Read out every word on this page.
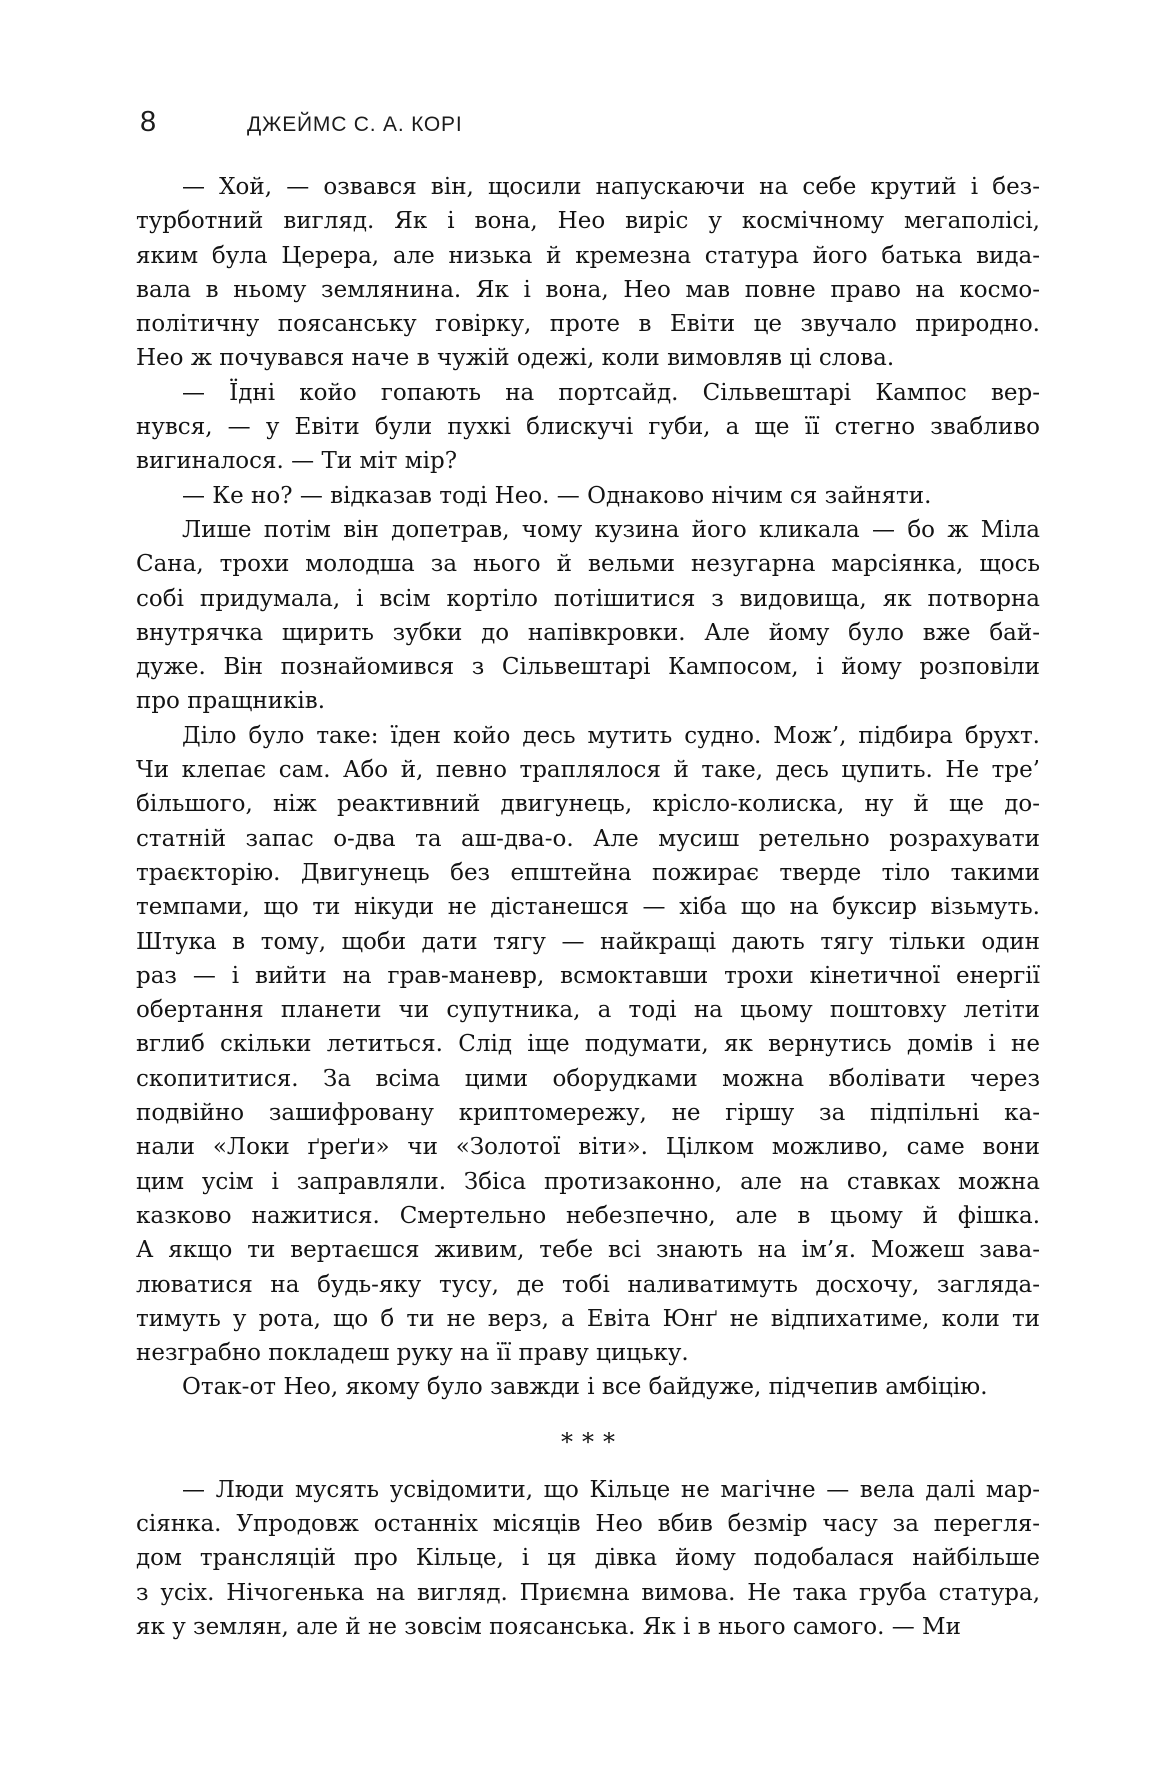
8	ДЖЕЙМС С. А. КОРІ
— Хой, — озвався він, щосили напускаючи на себе крутий і без-
турботний вигляд. Як і вона, Нео виріс у космічному мегаполісі,
яким була Церера, але низька й кремезна статура його батька вида-
вала в ньому землянина. Як і вона, Нео мав повне право на космо-
політичну поясанську говірку, проте в Евіти це звучало природно.
Нео ж почувався наче в чужій одежі, коли вимовляв ці слова.
— Їдні койо гопають на портсайд. Сільвештарі Кампос вер-
нувся, — у Евіти були пухкі блискучі губи, а ще її стегно звабливо
вигиналося. — Ти міт мір?
— Ке но? — відказав тоді Нео. — Однаково нічим ся зайняти.
Лише потім він допетрав, чому кузина його кликала — бо ж Міла
Сана, трохи молодша за нього й вельми незугарна марсіянка, щось
собі придумала, і всім кортіло потішитися з видовища, як потворна
внутрячка щирить зубки до напівкровки. Але йому було вже бай-
дуже. Він познайомився з Сільвештарі Кампосом, і йому розповіли
про пращників.
Діло було таке: їден койо десь мутить судно. Мож’, підбира брухт.
Чи клепає сам. Або й, певно траплялося й таке, десь цупить. Не тре’
більшого, ніж реактивний двигунець, крісло-колиска, ну й ще до-
статній запас о-два та аш-два-о. Але мусиш ретельно розрахувати
траєкторію. Двигунець без епштейна пожирає тверде тіло такими
темпами, що ти нікуди не дістанешся — хіба що на буксир візьмуть.
Штука в тому, щоби дати тягу — найкращі дають тягу тільки один
раз — і вийти на грав-маневр, всмоктавши трохи кінетичної енергії
обертання планети чи супутника, а тоді на цьому поштовху летіти
вглиб скільки летиться. Слід іще подумати, як вернутись домів і не
скопититися. За всіма цими оборудками можна вболівати через
подвійно зашифровану криптомережу, не гіршу за підпільні ка-
нали «Локи ґреґи» чи «Золотої віти». Цілком можливо, саме вони
цим усім і заправляли. Збіса протизаконно, але на ставках можна
казково нажитися. Смертельно небезпечно, але в цьому й фішка.
А якщо ти вертаєшся живим, тебе всі знають на ім’я. Можеш зава-
люватися на будь-яку тусу, де тобі наливатимуть досхочу, загляда-
тимуть у рота, що б ти не верз, а Евіта Юнґ не відпихатиме, коли ти
незграбно покладеш руку на її праву цицьку.
Отак-от Нео, якому було завжди і все байдуже, підчепив амбіцію.
***
— Люди мусять усвідомити, що Кільце не магічне — вела далі мар-
сіянка. Упродовж останніх місяців Нео вбив безмір часу за перегля-
дом трансляцій про Кільце, і ця дівка йому подобалася найбільше
з усіх. Нічогенька на вигляд. Приємна вимова. Не така груба статура,
як у землян, але й не зовсім поясанська. Як і в нього самого. — Ми
